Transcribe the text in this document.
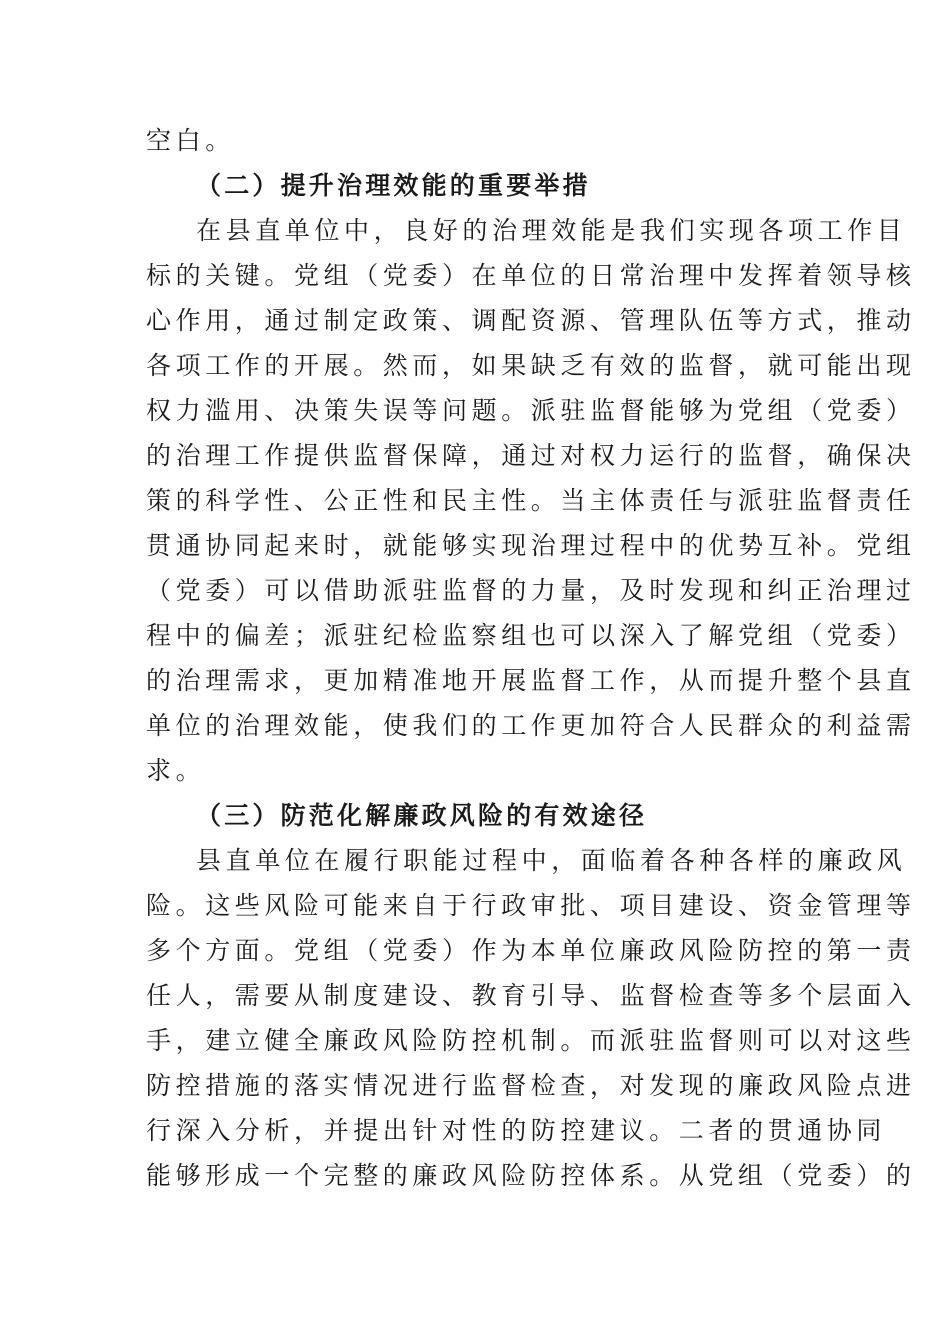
空白。
（二）提升治理效能的重要举措
在县直单位中，良好的治理效能是我们实现各项工作目
标的关键。党组（党委）在单位的日常治理中发挥着领导核
心作用，通过制定政策、调配资源、管理队伍等方式，推动
各项工作的开展。然而，如果缺乏有效的监督，就可能出现
权力滥用、决策失误等问题。派驻监督能够为党组（党委）
的治理工作提供监督保障，通过对权力运行的监督，确保决
策的科学性、公正性和民主性。当主体责任与派驻监督责任
贯通协同起来时，就能够实现治理过程中的优势互补。党组
（党委）可以借助派驻监督的力量，及时发现和纠正治理过
程中的偏差；派驻纪检监察组也可以深入了解党组（党委）
的治理需求，更加精准地开展监督工作，从而提升整个县直
单位的治理效能，使我们的工作更加符合人民群众的利益需
求。
（三）防范化解廉政风险的有效途径
县直单位在履行职能过程中，面临着各种各样的廉政风
险。这些风险可能来自于行政审批、项目建设、资金管理等
多个方面。党组（党委）作为本单位廉政风险防控的第一责
任人，需要从制度建设、教育引导、监督检查等多个层面入
手，建立健全廉政风险防控机制。而派驻监督则可以对这些
防控措施的落实情况进行监督检查，对发现的廉政风险点进
行深入分析，并提出针对性的防控建议。二者的贯通协同
能够形成一个完整的廉政风险防控体系。从党组（党委）的
